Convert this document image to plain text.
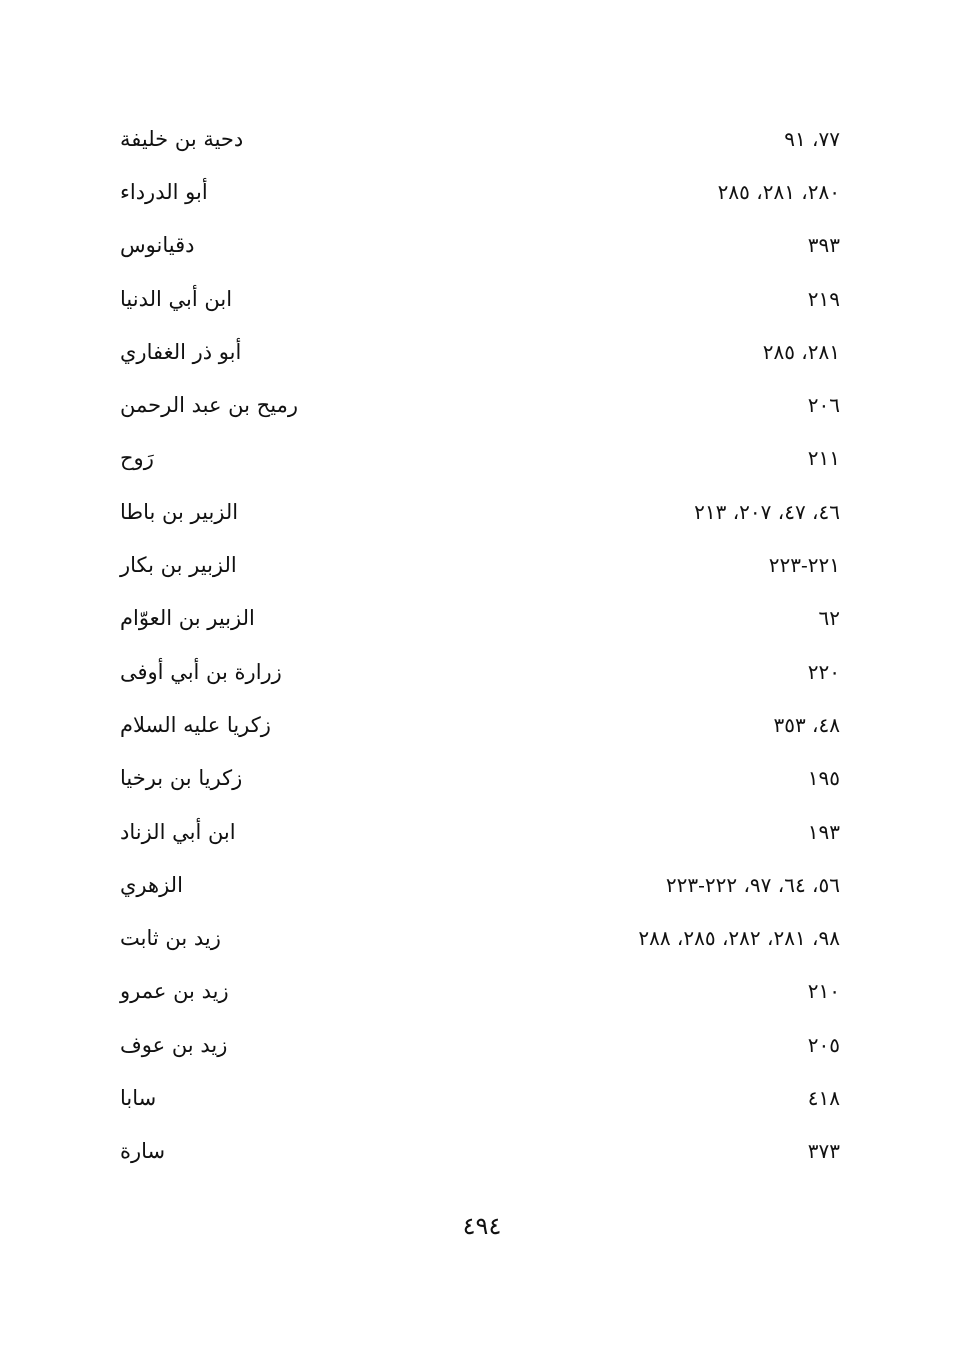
دحية بن خليفة	٧٧، ٩١
أبو الدرداء	٢٨٠، ٢٨١، ٢٨٥
دقيانوس	٣٩٣
ابن أبي الدنيا	٢١٩
أبو ذر الغفاري	٢٨١، ٢٨٥
رميح بن عبد الرحمن	٢٠٦
رَوح	٢١١
الزبير بن باطا	٤٦، ٤٧، ٢٠٧، ٢١٣
الزبير بن بكار	٢٢١-٢٢٣
الزبير بن العوّام	٦٢
زرارة بن أبي أوفى	٢٢٠
زكريا عليه السلام	٤٨، ٣٥٣
زكريا بن برخيا	١٩٥
ابن أبي الزناد	١٩٣
الزهري	٥٦، ٦٤، ٩٧، ٢٢٢-٢٢٣
زيد بن ثابت	٩٨، ٢٨١، ٢٨٢، ٢٨٥، ٢٨٨
زيد بن عمرو	٢١٠
زيد بن عوف	٢٠٥
سابا	٤١٨
سارة	٣٧٣
٤٩٤
